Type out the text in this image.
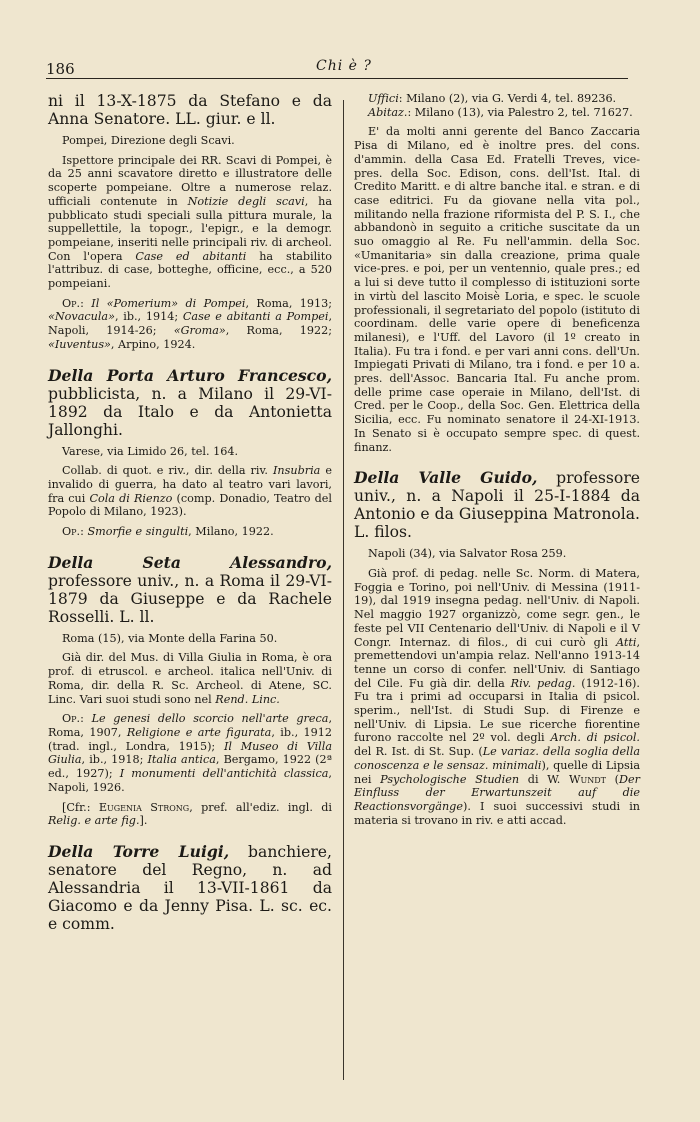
186	Chi è ?

ni il 13-X-1875 da Stefano e da Anna Senatore. LL. giur. e ll.

Pompei, Direzione degli Scavi.

Ispettore principale dei RR. Scavi di Pompei, è da 25 anni scavatore diretto e illustratore delle scoperte pompeiane. Oltre a numerose relaz. ufficiali contenute in Notizie degli scavi, ha pubblicato studi speciali sulla pittura murale, la suppellettile, la topogr., l'epigr., e la demogr. pompeiane, inseriti nelle principali riv. di archeol. Con l'opera Case ed abitanti ha stabilito l'attribuz. di case, botteghe, officine, ecc., a 520 pompeiani.

Op.: Il «Pomerium» di Pompei, Roma, 1913; «Novacula», ib., 1914; Case e abitanti a Pompei, Napoli, 1914-26; «Groma», Roma, 1922; «Iuventus», Arpino, 1924.

Della Porta Arturo Francesco, pubblicista, n. a Milano il 29-VI-1892 da Italo e da Antonietta Jallonghi.

Varese, via Limido 26, tel. 164.

Collab. di quot. e riv., dir. della riv. Insubria e invalido di guerra, ha dato al teatro vari lavori, fra cui Cola di Rienzo (comp. Donadio, Teatro del Popolo di Milano, 1923).

Op.: Smorfie e singulti, Milano, 1922.

Della Seta Alessandro, professore univ., n. a Roma il 29-VI-1879 da Giuseppe e da Rachele Rosselli. L. ll.

Roma (15), via Monte della Farina 50.

Già dir. del Mus. di Villa Giulia in Roma, è ora prof. di etruscol. e archeol. italica nell'Univ. di Roma, dir. della R. Sc. Archeol. di Atene, SC. Linc. Vari suoi studi sono nel Rend. Linc.

Op.: Le genesi dello scorcio nell'arte greca, Roma, 1907, Religione e arte figurata, ib., 1912 (trad. ingl., Londra, 1915); Il Museo di Villa Giulia, ib., 1918; Italia antica, Bergamo, 1922 (2ª ed., 1927); I monumenti dell'antichità classica, Napoli, 1926.

[Cfr.: Eugenia Strong, pref. all'ediz. ingl. di Relig. e arte fig.].

Della Torre Luigi, banchiere, senatore del Regno, n. ad Alessandria il 13-VII-1861 da Giacomo e da Jenny Pisa. L. sc. ec. e comm.

Uffici: Milano (2), via G. Verdi 4, tel. 89236.

Abitaz.: Milano (13), via Palestro 2, tel. 71627.

E' da molti anni gerente del Banco Zaccaria Pisa di Milano, ed è inoltre pres. del cons. d'ammin. della Casa Ed. Fratelli Treves, vice-pres. della Soc. Edison, cons. dell'Ist. Ital. di Credito Maritt. e di altre banche ital. e stran. e di case editrici. Fu da giovane nella vita pol., militando nella frazione riformista del P. S. I., che abbandonò in seguito a critiche suscitate da un suo omaggio al Re. Fu nell'ammin. della Soc. «Umanitaria» sin dalla creazione, prima quale vice-pres. e poi, per un ventennio, quale pres.; ed a lui si deve tutto il complesso di istituzioni sorte in virtù del lascito Moisè Loria, e spec. le scuole professionali, il segretariato del popolo (istituto di coordinam. delle varie opere di beneficenza milanesi), e l'Uff. del Lavoro (il 1º creato in Italia). Fu tra i fond. e per vari anni cons. dell'Un. Impiegati Privati di Milano, tra i fond. e per 10 a. pres. dell'Assoc. Bancaria Ital. Fu anche prom. delle prime case operaie in Milano, dell'Ist. di Cred. per le Coop., della Soc. Gen. Elettrica della Sicilia, ecc. Fu nominato senatore il 24-XI-1913. In Senato si è occupato sempre spec. di quest. finanz.

Della Valle Guido, professore univ., n. a Napoli il 25-I-1884 da Antonio e da Giuseppina Matronola. L. filos.

Napoli (34), via Salvator Rosa 259.

Già prof. di pedag. nelle Sc. Norm. di Matera, Foggia e Torino, poi nell'Univ. di Messina (1911-19), dal 1919 insegna pedag. nell'Univ. di Napoli. Nel maggio 1927 organizzò, come segr. gen., le feste pel VII Centenario dell'Univ. di Napoli e il V Congr. Internaz. di filos., di cui curò gli Atti, premettendovi un'ampia relaz. Nell'anno 1913-14 tenne un corso di confer. nell'Univ. di Santiago del Cile. Fu già dir. della Riv. pedag. (1912-16). Fu tra i primi ad occuparsi in Italia di psicol. sperim., nell'Ist. di Studi Sup. di Firenze e nell'Univ. di Lipsia. Le sue ricerche fiorentine furono raccolte nel 2º vol. degli Arch. di psicol. del R. Ist. di St. Sup. (Le variaz. della soglia della conoscenza e le sensaz. minimali), quelle di Lipsia nei Psychologische Studien di W. Wundt (Der Einfluss der Erwartunszeit auf die Reactionsvorgänge). I suoi successivi studi in materia si trovano in riv. e atti accad.
